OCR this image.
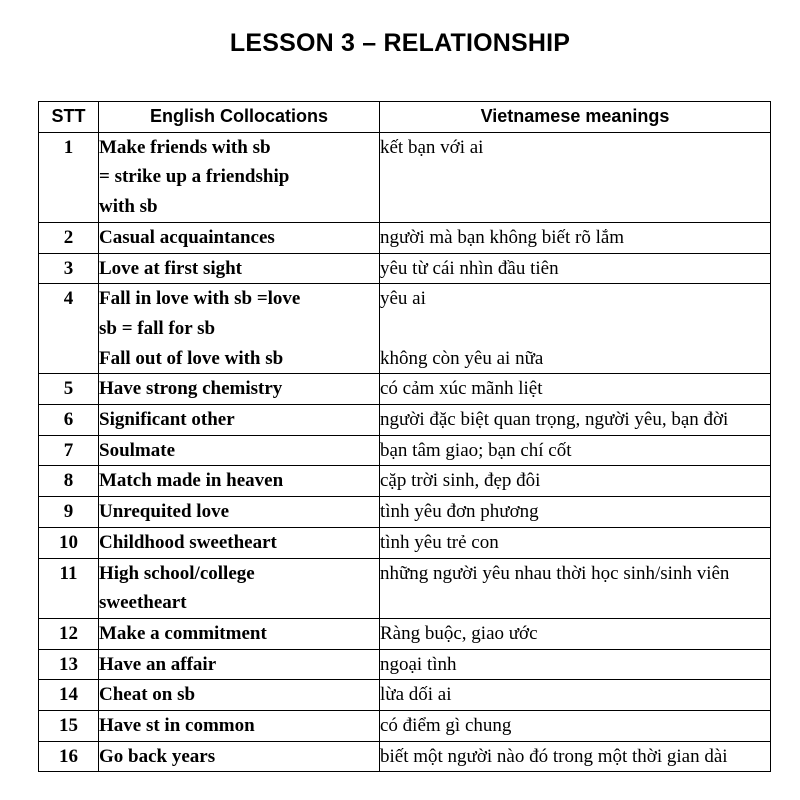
LESSON 3 – RELATIONSHIP
STT	English Collocations	Vietnamese meanings
1	Make friends with sb
= strike up a friendship
with sb	kết bạn với ai

2	Casual acquaintances	người mà bạn không biết rõ lắm

3	Love at first sight	yêu từ cái nhìn đầu tiên

4	Fall in love with sb =love
sb = fall for sb
Fall out of love with sb	yêu ai
không còn yêu ai nữa

5	Have strong chemistry	có cảm xúc mãnh liệt

6	Significant other	người đặc biệt quan trọng, người yêu, bạn đời

7	Soulmate	bạn tâm giao; bạn chí cốt

8	Match made in heaven	cặp trời sinh, đẹp đôi

9	Unrequited love	tình yêu đơn phương

10	Childhood sweetheart	tình yêu trẻ con

11	High school/college
sweetheart	những người yêu nhau thời học sinh/sinh viên

12	Make a commitment	Ràng buộc, giao ước

13	Have an affair	ngoại tình

14	Cheat on sb	lừa dối ai

15	Have st in common	có điểm gì chung

16	Go back years	biết một người nào đó trong một thời gian dài
